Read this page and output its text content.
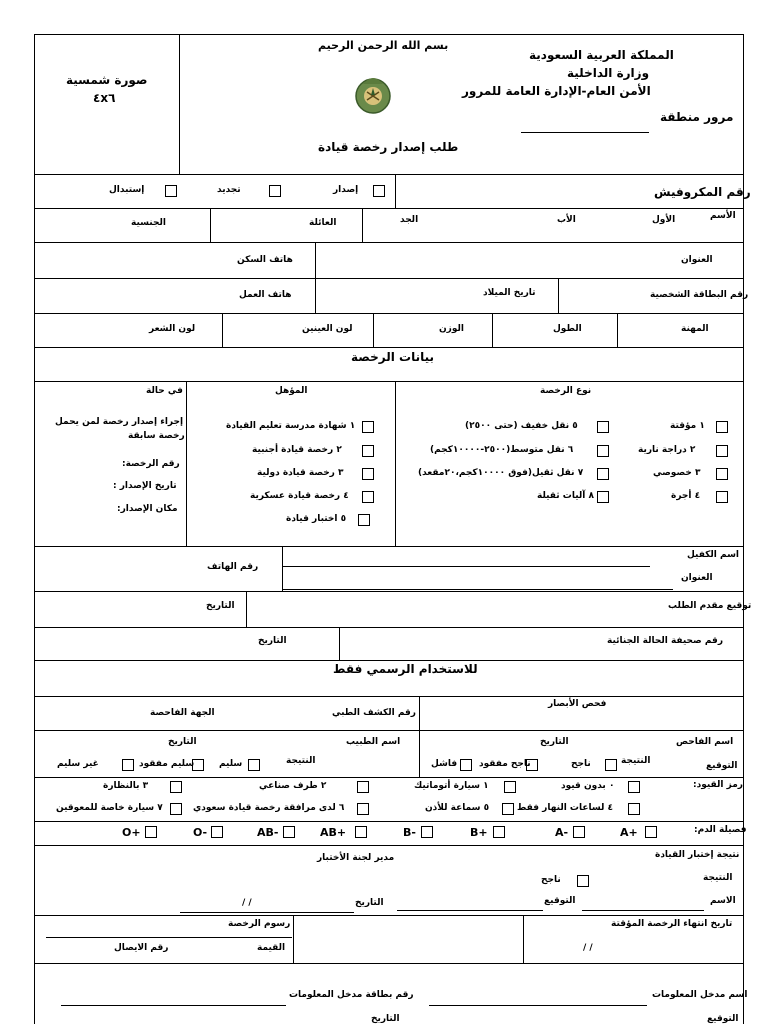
صورة شمسية
٤x٦
بسم الله الرحمن الرحيم
المملكة العربية السعودية
وزارة الداخلية
الأمن العام-الإدارة العامة للمرور
مرور منطقة
طلب إصدار رخصة قيادة
رقم المكروفيش
إصدار
تجديد
إستبدال
الأسم
الأول
الأب
الجد
العائلة
الجنسية
العنوان
هاتف السكن
رقم البطاقة الشخصية
تاريخ الميلاد
هاتف العمل
المهنة
الطول
الوزن
لون العينين
لون الشعر
بيانات الرخصة
نوع الرخصة
المؤهل
في حالة
١ مؤقتة
٢ دراجة نارية
٣ خصوصي
٤ أجرة
٥ نقل خفيف (حتى ٢٥٠٠)
٦ نقل متوسط(٢٥٠٠-١٠٠٠٠كجم)
٧ نقل ثقيل(فوق ١٠٠٠٠كجم،٢٠مقعد)
٨ آليات ثقيلة
١ شهادة مدرسة تعليم القيادة
٢ رخصة قيادة أجنبية
٣ رخصة قيادة دولية
٤ رخصة قيادة عسكرية
٥ اختبار قيادة
إجراء إصدار رخصة لمن يحمل
رخصة سابقة
رقم الرخصة:
تاريخ الإصدار :
مكان الإصدار:
اسم الكفيل
رقم الهاتف
العنوان
توقيع مقدم الطلب
التاريخ
رقم صحيفة الحالة الجنائية
التاريخ
للاستخدام الرسمي فقط
فحص الأبصار
رقم الكشف الطبي
الجهة الفاحصة
اسم الفاحص
التاريخ
اسم الطبيب
التاريخ
التوقيع
النتيجة
ناجح
ناجح مفقود
فاشل
النتيجة
سليم
سليم مفقود
غير سليم
رمز القيود:
٠ بدون قيود
١ سيارة أتوماتيك
٢ طرف صناعي
٣ بالنظارة
٤ لساعات النهار فقط
٥ سماعة للأذن
٦ لدى مرافقة رخصة قيادة سعودي
٧ سيارة خاصة للمعوقين
فصيلة الدم:
A+
A-
B+
B-
AB+
AB-
O-
O+
نتيجة إختبار القيادة
مدير لجنة الأختبار
النتيجة
ناجح
الاسم
التوقيع
التاريخ
/ /
تاريخ انتهاء الرخصة المؤقتة
/ /
رسوم الرخصة
القيمة
رقم الايصال
اسم مدخل المعلومات
رقم بطاقة مدخل المعلومات
التوقيع
التاريخ
